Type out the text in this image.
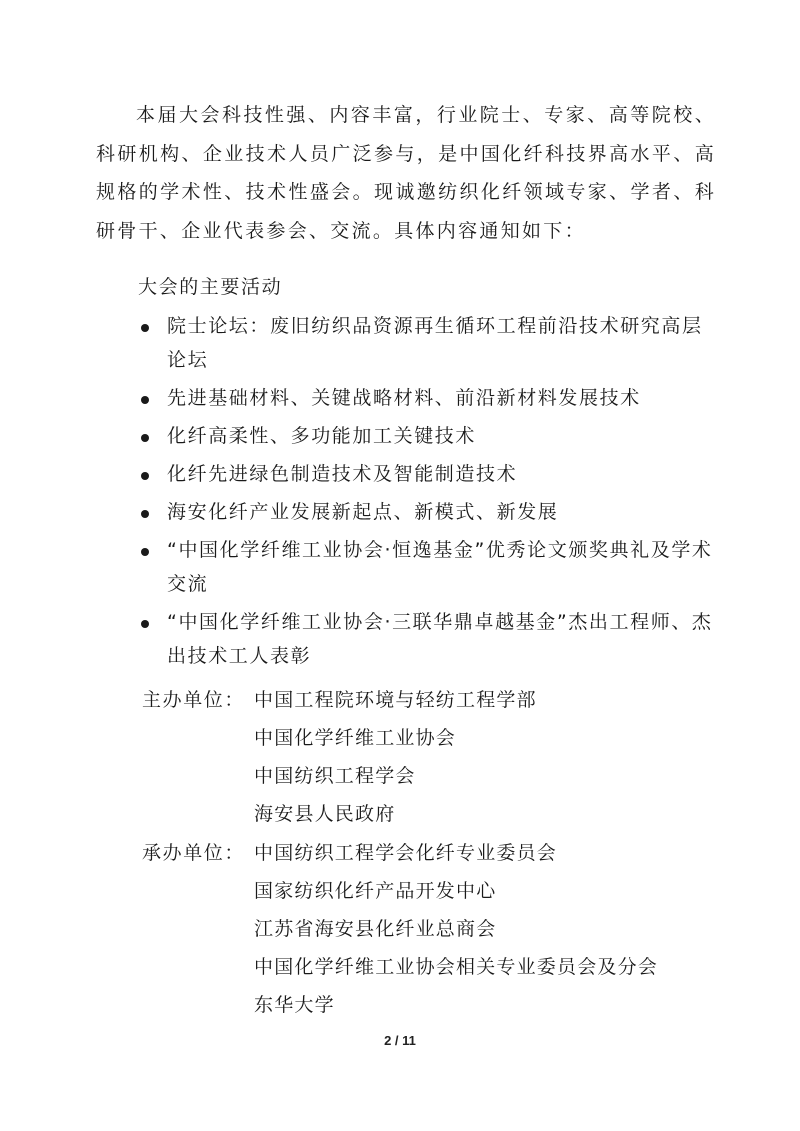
本届大会科技性强、内容丰富，行业院士、专家、高等院校、科研机构、企业技术人员广泛参与，是中国化纤科技界高水平、高规格的学术性、技术性盛会。现诚邀纺织化纤领域专家、学者、科研骨干、企业代表参会、交流。具体内容通知如下：

大会的主要活动

院士论坛：废旧纺织品资源再生循环工程前沿技术研究高层论坛
先进基础材料、关键战略材料、前沿新材料发展技术
化纤高柔性、多功能加工关键技术
化纤先进绿色制造技术及智能制造技术
海安化纤产业发展新起点、新模式、新发展
“中国化学纤维工业协会·恒逸基金”优秀论文颁奖典礼及学术交流
“中国化学纤维工业协会·三联华鼎卓越基金”杰出工程师、杰出技术工人表彰
主办单位： 中国工程院环境与轻纺工程学部
中国化学纤维工业协会
中国纺织工程学会
海安县人民政府
承办单位： 中国纺织工程学会化纤专业委员会
国家纺织化纤产品开发中心
江苏省海安县化纤业总商会
中国化学纤维工业协会相关专业委员会及分会
东华大学
2 / 11
